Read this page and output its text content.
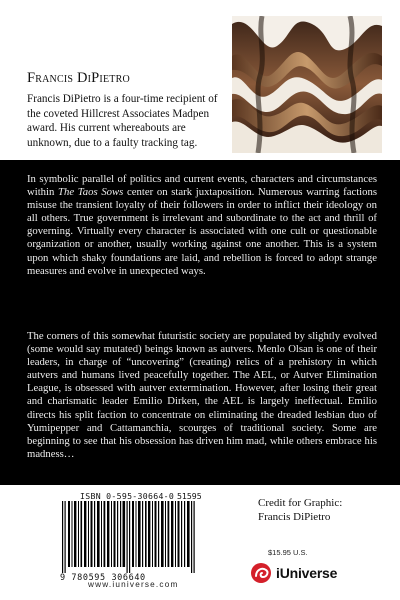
Francis DiPietro
Francis DiPietro is a four-time recipient of the coveted Hillcrest Associates Madpen award. His current whereabouts are unknown, due to a faulty tracking tag.

In symbolic parallel of politics and current events, characters and circumstances within The Taos Sows center on stark juxtaposition. Numerous warring factions misuse the transient loyalty of their followers in order to inflict their ideology on all others. True government is irrelevant and subordinate to the act and thrill of governing. Virtually every character is associated with one cult or questionable organization or another, usually working against one another. This is a system upon which shaky foundations are laid, and rebellion is forced to adopt strange measures and evolve in unexpected ways.

The corners of this somewhat futuristic society are populated by slightly evolved (some would say mutated) beings known as autvers. Menlo Olsan is one of their leaders, in charge of “uncovering” (creating) relics of a prehistory in which autvers and humans lived peacefully together. The AEL, or Autver Elimination League, is obsessed with autver extermination. However, after losing their great and charismatic leader Emilio Dirken, the AEL is largely ineffectual. Emilio directs his split faction to concentrate on eliminating the dreaded lesbian duo of Yumipepper and Cattamanchia, scourges of traditional society. Some are beginning to see that his obsession has driven him mad, while others embrace his madness…

ISBN 0-595-30664-0 51595
9 780595 306640
www.iuniverse.com
Credit for Graphic:
Francis DiPietro
$15.95 U.S.
iUniverse
